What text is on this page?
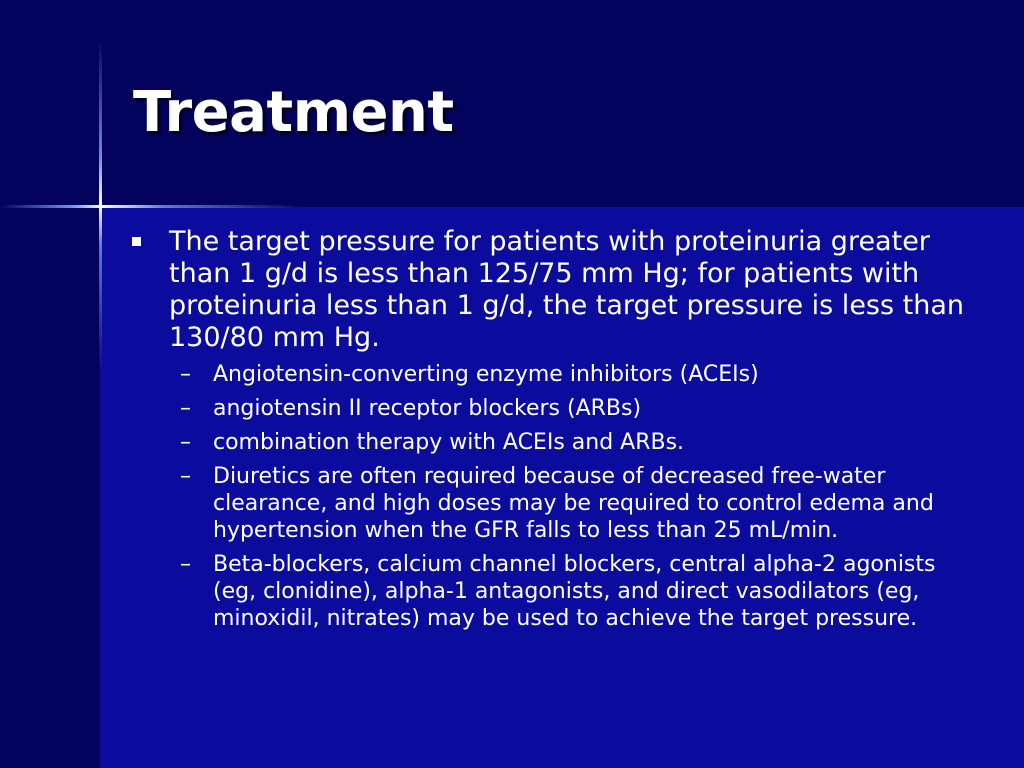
Treatment
The target pressure for patients with proteinuria greater than 1 g/d is less than 125/75 mm Hg; for patients with proteinuria less than 1 g/d, the target pressure is less than 130/80 mm Hg.
– Angiotensin-converting enzyme inhibitors (ACEIs)
– angiotensin II receptor blockers (ARBs)
– combination therapy with ACEIs and ARBs.
– Diuretics are often required because of decreased free-water clearance, and high doses may be required to control edema and hypertension when the GFR falls to less than 25 mL/min.
– Beta-blockers, calcium channel blockers, central alpha-2 agonists (eg, clonidine), alpha-1 antagonists, and direct vasodilators (eg, minoxidil, nitrates) may be used to achieve the target pressure.
